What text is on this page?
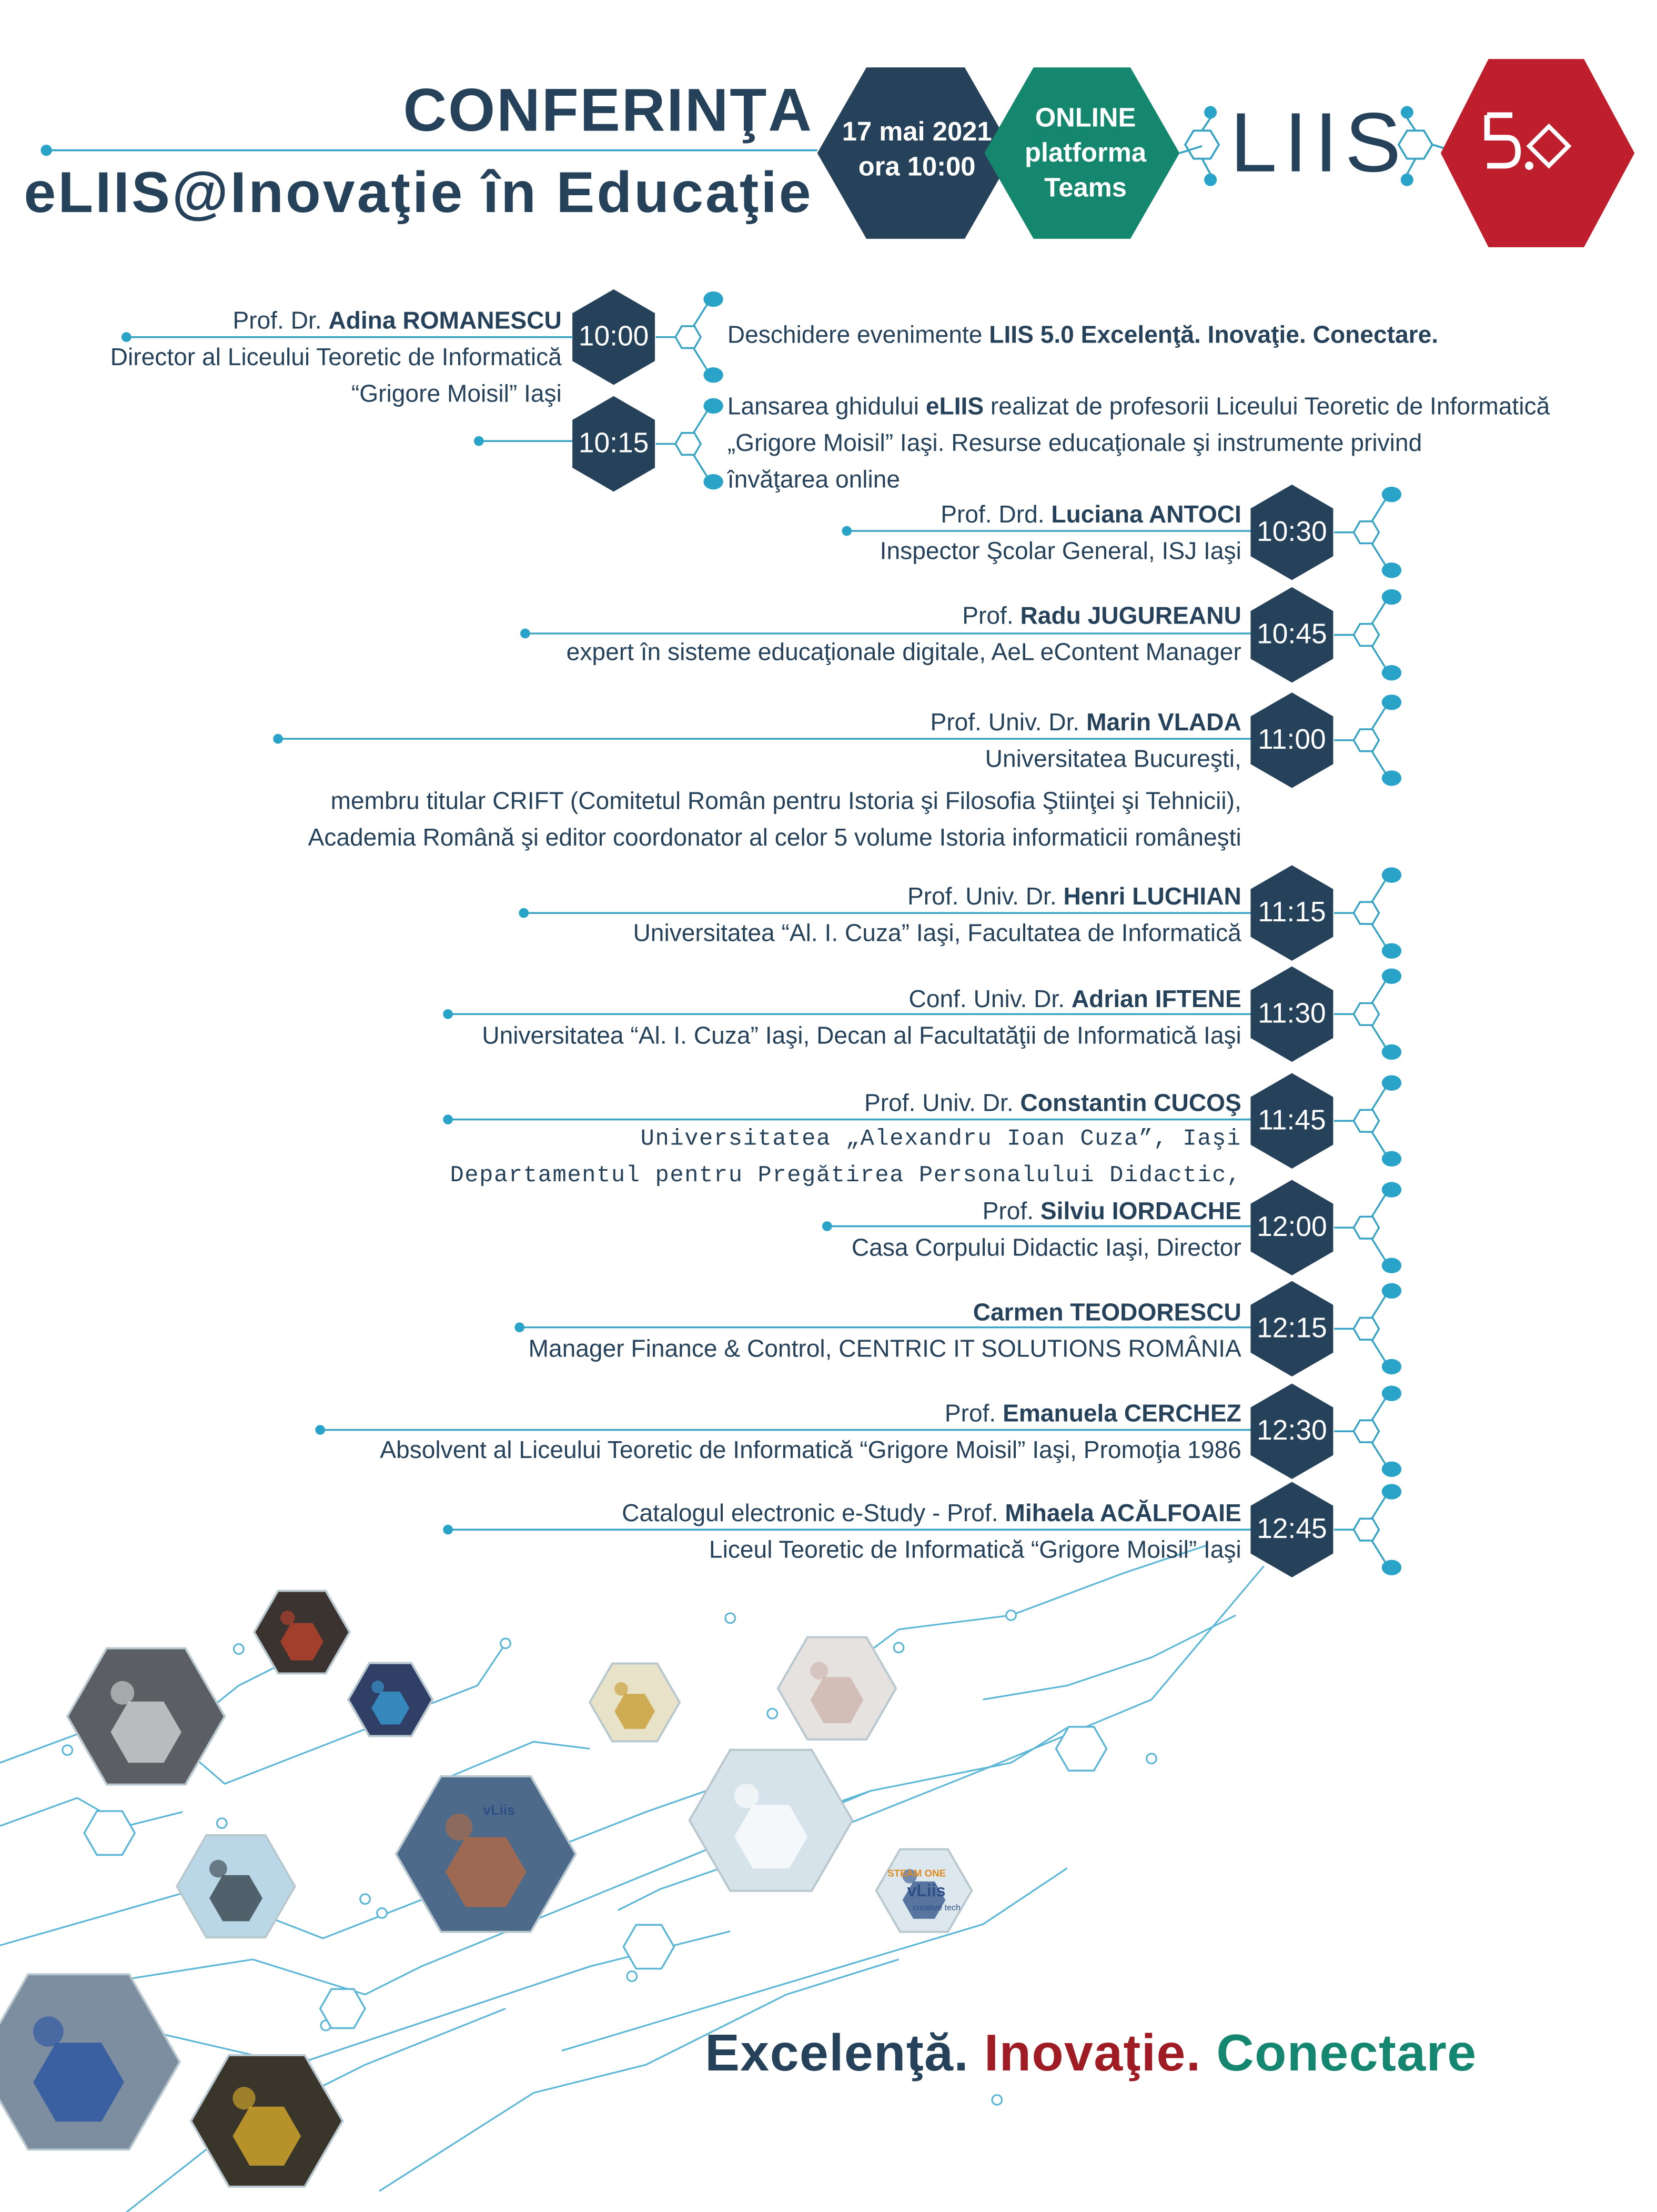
vLiis
STEAM ONE
vLiis
creative tech
CONFERINŢA
eLIIS@Inovaţie în Educaţie
17 mai 2021
ora 10:00
ONLINE
platforma
Teams	LIIS
10:00
Prof. Dr. Adina ROMANESCU
Director al Liceului Teoretic de Informatică
“Grigore Moisil” Iaşi
Deschidere evenimente LIIS 5.0 Excelenţă. Inovaţie. Conectare.
10:15
Lansarea ghidului eLIIS realizat de profesorii Liceului Teoretic de Informatică
„Grigore Moisil” Iaşi. Resurse educaţionale şi instrumente privind
învăţarea online
10:30
Prof. Drd. Luciana ANTOCI
Inspector Şcolar General, ISJ Iaşi
10:45
Prof. Radu JUGUREANU
expert în sisteme educaţionale digitale, AeL eContent Manager
11:00
Prof. Univ. Dr. Marin VLADA
Universitatea Bucureşti,
membru titular CRIFT (Comitetul Român pentru Istoria şi Filosofia Ştiinţei şi Tehnicii),
Academia Română şi editor coordonator al celor 5 volume Istoria informaticii româneşti
11:15
Prof. Univ. Dr. Henri LUCHIAN
Universitatea “Al. I. Cuza” Iaşi, Facultatea de Informatică
11:30
Conf. Univ. Dr. Adrian IFTENE
Universitatea “Al. I. Cuza” Iaşi, Decan al Facultatăţii de Informatică Iaşi
11:45
Prof. Univ. Dr. Constantin CUCOŞ
Universitatea „Alexandru Ioan Cuza”, Iaşi
Departamentul pentru Pregătirea Personalului Didactic,
12:00
Prof. Silviu IORDACHE
Casa Corpului Didactic Iaşi, Director
12:15
Carmen TEODORESCU
Manager Finance & Control, CENTRIC IT SOLUTIONS ROMÂNIA
12:30
Prof. Emanuela CERCHEZ
Absolvent al Liceului Teoretic de Informatică “Grigore Moisil” Iaşi, Promoţia 1986
12:45
Catalogul electronic e-Study - Prof. Mihaela ACĂLFOAIE
Liceul Teoretic de Informatică “Grigore Moisil” Iaşi
Excelenţă. Inovaţie. Conectare
